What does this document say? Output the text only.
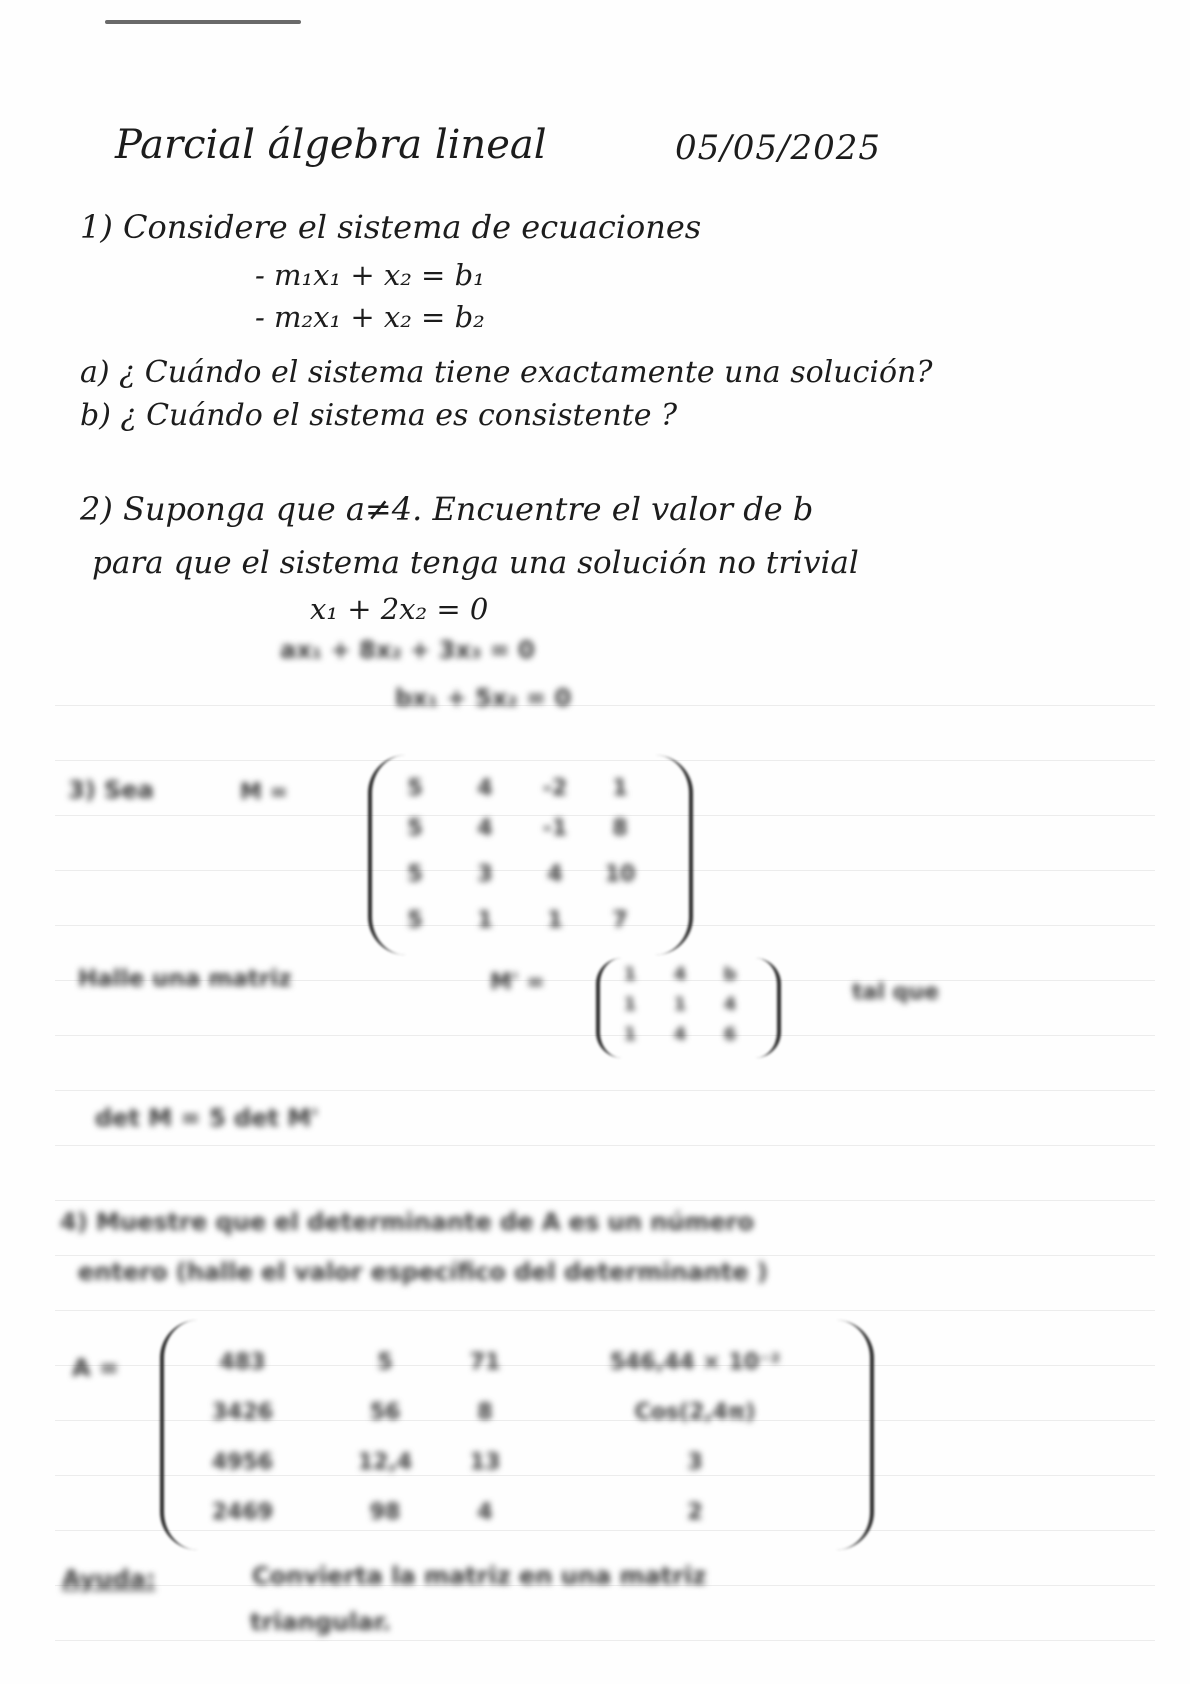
Parcial álgebra lineal	05/05/2025
1) Considere el sistema de ecuaciones
- m₁x₁ + x₂ = b₁
- m₂x₁ + x₂ = b₂
a) ¿ Cuándo el sistema tiene exactamente una solución?
b) ¿ Cuándo el sistema es consistente ?
2) Suponga que a≠4. Encuentre el valor de b
para que el sistema tenga una solución no trivial
x₁ + 2x₂ = 0
ax₁ + 8x₂ + 3x₃ = 0
bx₁ + 5x₂ = 0
3) Sea	M =	5	4	-2	1
5	4	-1	8
5	3	4	10
5	1	1	7
Halle una matriz	M' =	1	4	b
1	1	4
1	4	6
tal que
det M = 5 det M'
4) Muestre que el determinante de A es un número
entero (halle el valor específico del determinante )
A =	483	5	71	546,44 × 10⁻²
3426	56	8	Cos(2,4π)
4956	12,4	13	3
2469	98	4	2
Ayuda:	Convierta la matriz en una matriz
triangular.
